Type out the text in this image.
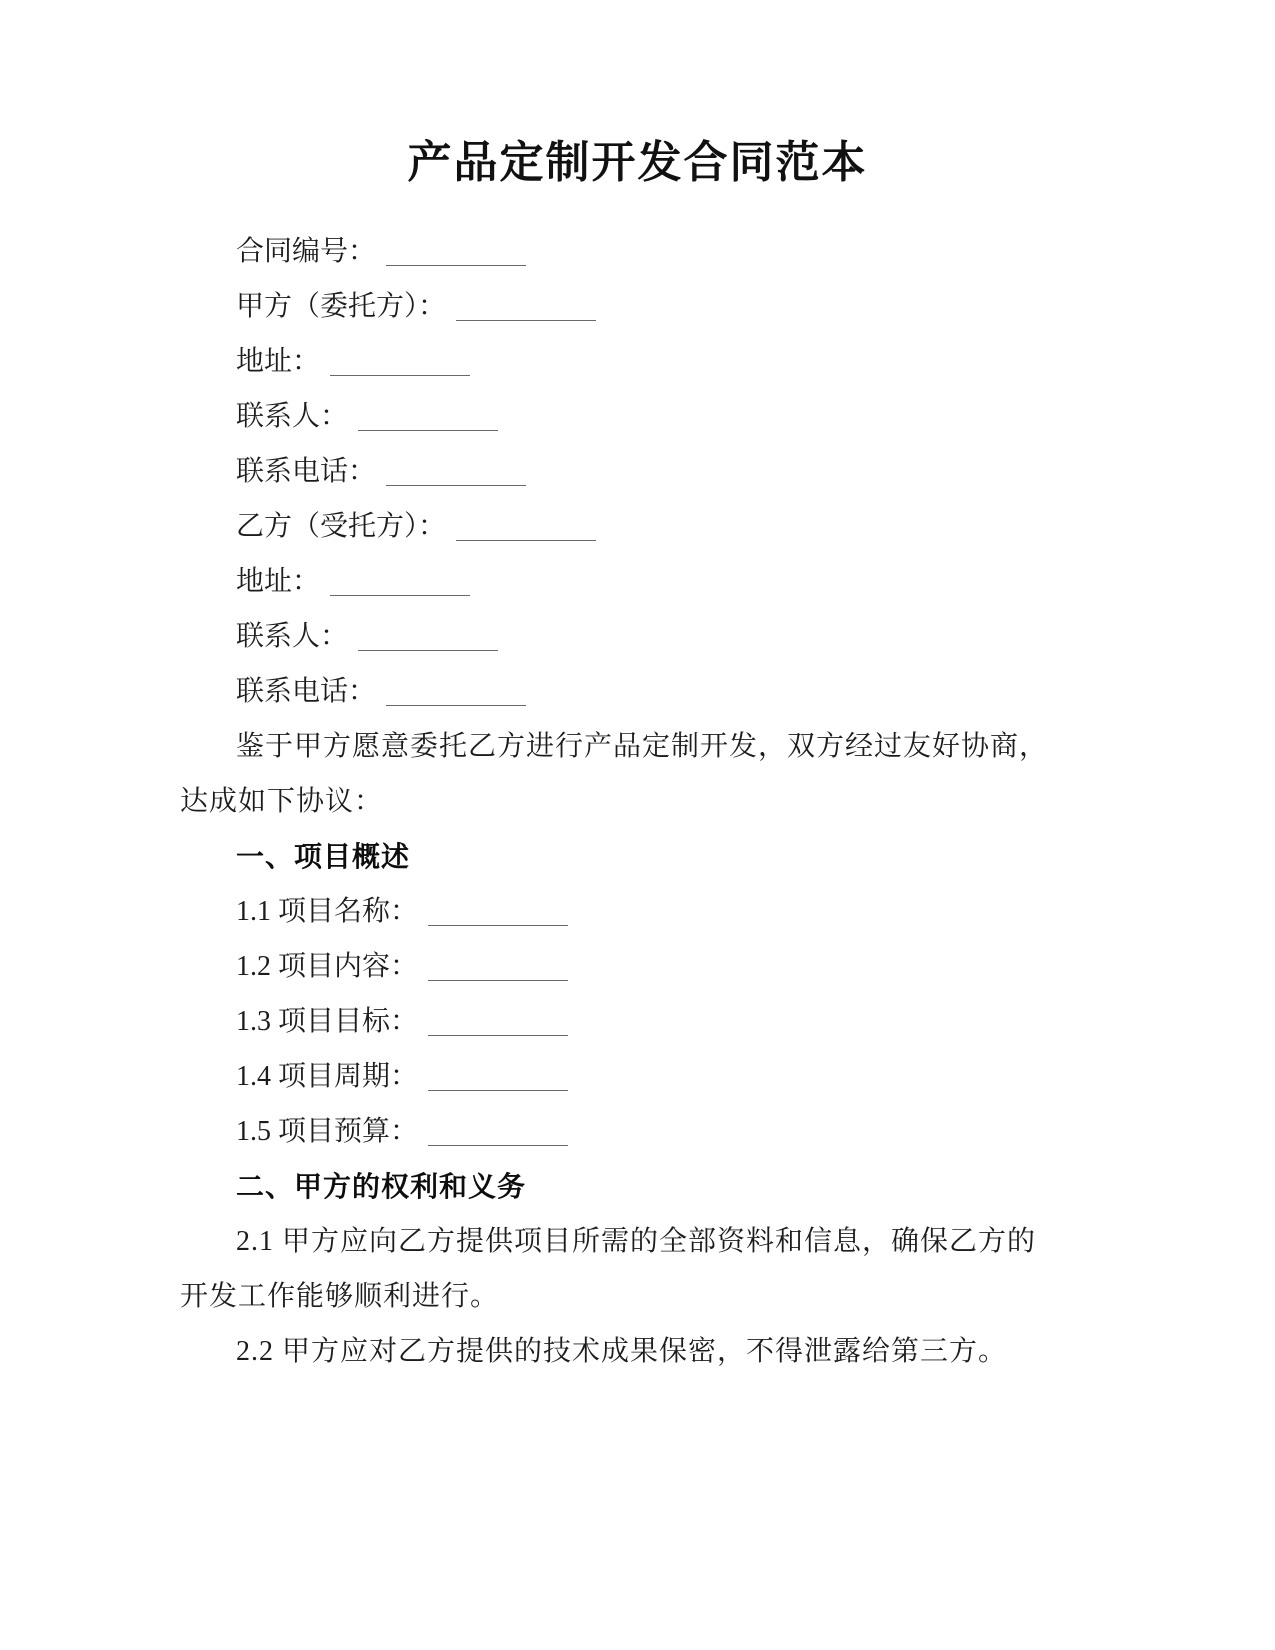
产品定制开发合同范本
合同编号：
甲方（委托方）：
地址：
联系人：
联系电话：
乙方（受托方）：
地址：
联系人：
联系电话：
鉴于甲方愿意委托乙方进行产品定制开发，双方经过友好协商，
达成如下协议：
一、项目概述
1.1 项目名称：
1.2 项目内容：
1.3 项目目标：
1.4 项目周期：
1.5 项目预算：
二、甲方的权利和义务
2.1 甲方应向乙方提供项目所需的全部资料和信息，确保乙方的
开发工作能够顺利进行。
2.2 甲方应对乙方提供的技术成果保密，不得泄露给第三方。
